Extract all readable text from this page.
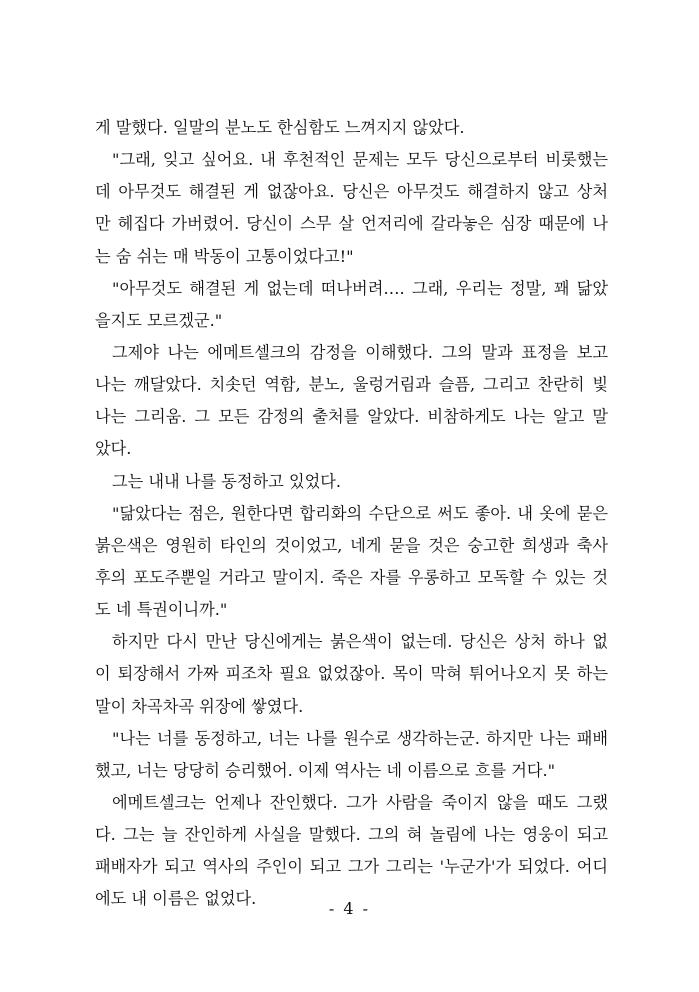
게 말했다. 일말의 분노도 한심함도 느껴지지 않았다.
"그래, 잊고 싶어요. 내 후천적인 문제는 모두 당신으로부터 비롯했는
데 아무것도 해결된 게 없잖아요. 당신은 아무것도 해결하지 않고 상처
만 헤집다 가버렸어. 당신이 스무 살 언저리에 갈라놓은 심장 때문에 나
는 숨 쉬는 매 박동이 고통이었다고!"
"아무것도 해결된 게 없는데 떠나버려…. 그래, 우리는 정말, 꽤 닮았
을지도 모르겠군."
그제야 나는 에메트셀크의 감정을 이해했다. 그의 말과 표정을 보고
나는 깨달았다. 치솟던 역함, 분노, 울렁거림과 슬픔, 그리고 찬란히 빛
나는 그리움. 그 모든 감정의 출처를 알았다. 비참하게도 나는 알고 말
았다.
그는 내내 나를 동정하고 있었다.
"닮았다는 점은, 원한다면 합리화의 수단으로 써도 좋아. 내 옷에 묻은
붉은색은 영원히 타인의 것이었고, 네게 묻을 것은 숭고한 희생과 축사
후의 포도주뿐일 거라고 말이지. 죽은 자를 우롱하고 모독할 수 있는 것
도 네 특권이니까."
하지만 다시 만난 당신에게는 붉은색이 없는데. 당신은 상처 하나 없
이 퇴장해서 가짜 피조차 필요 없었잖아. 목이 막혀 튀어나오지 못 하는
말이 차곡차곡 위장에 쌓였다.
"나는 너를 동정하고, 너는 나를 원수로 생각하는군. 하지만 나는 패배
했고, 너는 당당히 승리했어. 이제 역사는 네 이름으로 흐를 거다."
에메트셀크는 언제나 잔인했다. 그가 사람을 죽이지 않을 때도 그랬
다. 그는 늘 잔인하게 사실을 말했다. 그의 혀 놀림에 나는 영웅이 되고
패배자가 되고 역사의 주인이 되고 그가 그리는 '누군가'가 되었다. 어디
에도 내 이름은 없었다.
- 4 -
